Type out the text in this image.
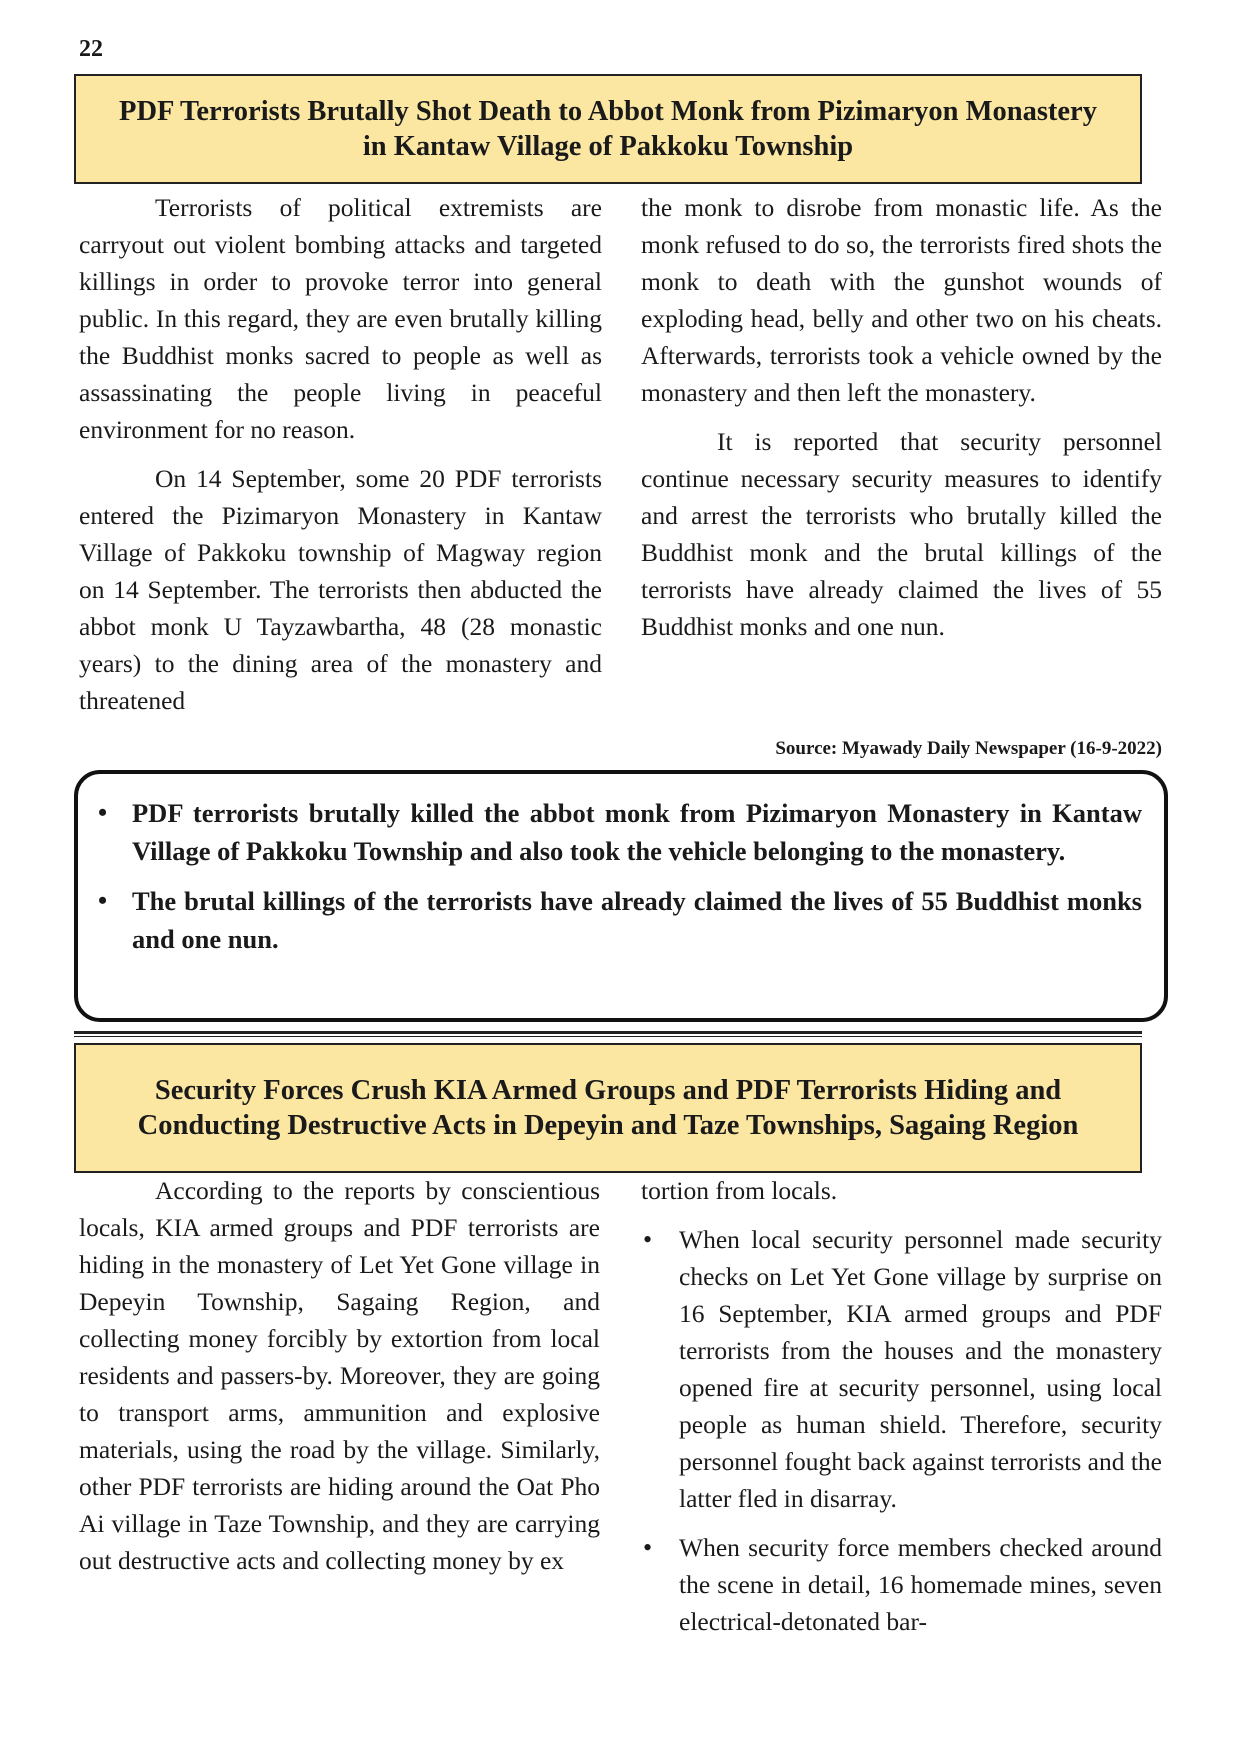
22
PDF Terrorists Brutally Shot Death to Abbot Monk from Pizimaryon Monastery
in Kantaw Village of Pakkoku Township

Terrorists of political extremists are carryout out violent bombing attacks and targeted killings in order to provoke terror into general public. In this regard, they are even brutally killing the Buddhist monks sacred to people as well as assassinating the people living in peaceful environment for no reason.

On 14 September, some 20 PDF terrorists entered the Pizimaryon Monastery in Kantaw Village of Pakkoku township of Magway region on 14 September. The terrorists then abducted the abbot monk U Tayzawbartha, 48 (28 monastic years) to the dining area of the monastery and threatened

the monk to disrobe from monastic life. As the monk refused to do so, the terrorists fired shots the monk to death with the gunshot wounds of exploding head, belly and other two on his cheats. Afterwards, terrorists took a vehicle owned by the monastery and then left the monastery.

It is reported that security personnel continue necessary security measures to identify and arrest the terrorists who brutally killed the Buddhist monk and the brutal killings of the terrorists have already claimed the lives of 55 Buddhist monks and one nun.

Source: Myawady Daily Newspaper (16-9-2022)
• PDF terrorists brutally killed the abbot monk from Pizimaryon Monastery in Kantaw Village of Pakkoku Township and also took the vehicle belonging to the monastery.
• The brutal killings of the terrorists have already claimed the lives of 55 Buddhist monks and one nun.
Security Forces Crush KIA Armed Groups and PDF Terrorists Hiding and
Conducting Destructive Acts in Depeyin and Taze Townships, Sagaing Region

According to the reports by conscientious locals, KIA armed groups and PDF terrorists are hiding in the monastery of Let Yet Gone village in Depeyin Township, Sagaing Region, and collecting money forcibly by extortion from local residents and passers-by. Moreover, they are going to transport arms, ammunition and explosive materials, using the road by the village. Similarly, other PDF terrorists are hiding around the Oat Pho Ai village in Taze Township, and they are carrying out destructive acts and collecting money by ex

tortion from locals.

• When local security personnel made security checks on Let Yet Gone village by surprise on 16 September, KIA armed groups and PDF terrorists from the houses and the monastery opened fire at security personnel, using local people as human shield. Therefore, security personnel fought back against terrorists and the latter fled in disarray.
• When security force members checked around the scene in detail, 16 homemade mines, seven electrical-detonated bar-
